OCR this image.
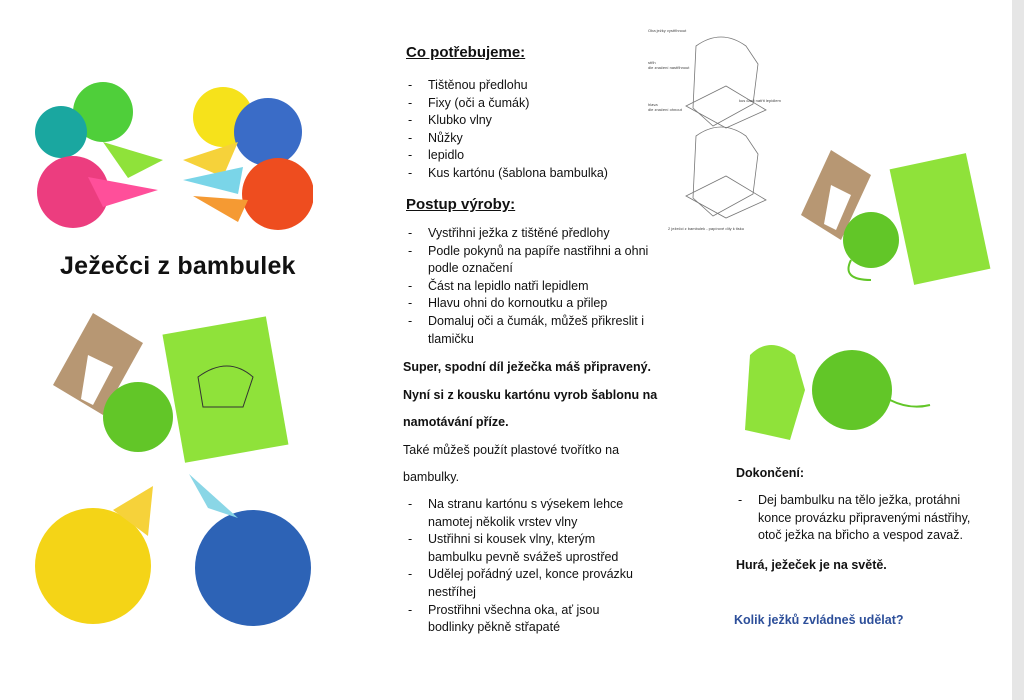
Ježečci z bambulek
Co potřebujeme:
- Tištěnou předlohu
- Fixy (oči a čumák)
- Klubko vlny
- Nůžky
- lepidlo
- Kus kartónu (šablona bambulka)
Postup výroby:
- Vystřihni ježka z tištěné předlohy
- Podle pokynů na papíře nastřihni a ohni podle označení
- Část na lepidlo natři lepidlem
- Hlavu ohni do kornoutku a přilep
- Domaluj oči a čumák, můžeš přikreslit i tlamičku
Super, spodní díl ježečka máš připravený.
Nyní si z kousku kartónu vyrob šablonu na
namotávání příze.
Také můžeš použít plastové tvořítko na
bambulky.
- Na stranu kartónu s výsekem lehce namotej několik vrstev vlny
- Ustřihni si kousek vlny, kterým bambulku pevně svážeš uprostřed
- Udělej pořádný uzel, konce provázku nestříhej
- Prostřihni všechna oka, ať jsou bodlinky pěkně střapaté
Oba ježky vystřihnout
střih
dle značení nastřihnout
kus části natřít lepidlem
hlava
dle značení ohnout
2 ježečci z bambulek - papírové díly k tisku
Dokončení:
- Dej bambulku na tělo ježka, protáhni konce provázku připravenými nástřihy, otoč ježka na břicho a vespod zavaž.
Hurá, ježeček je na světě.
Kolik ježků zvládneš udělat?
